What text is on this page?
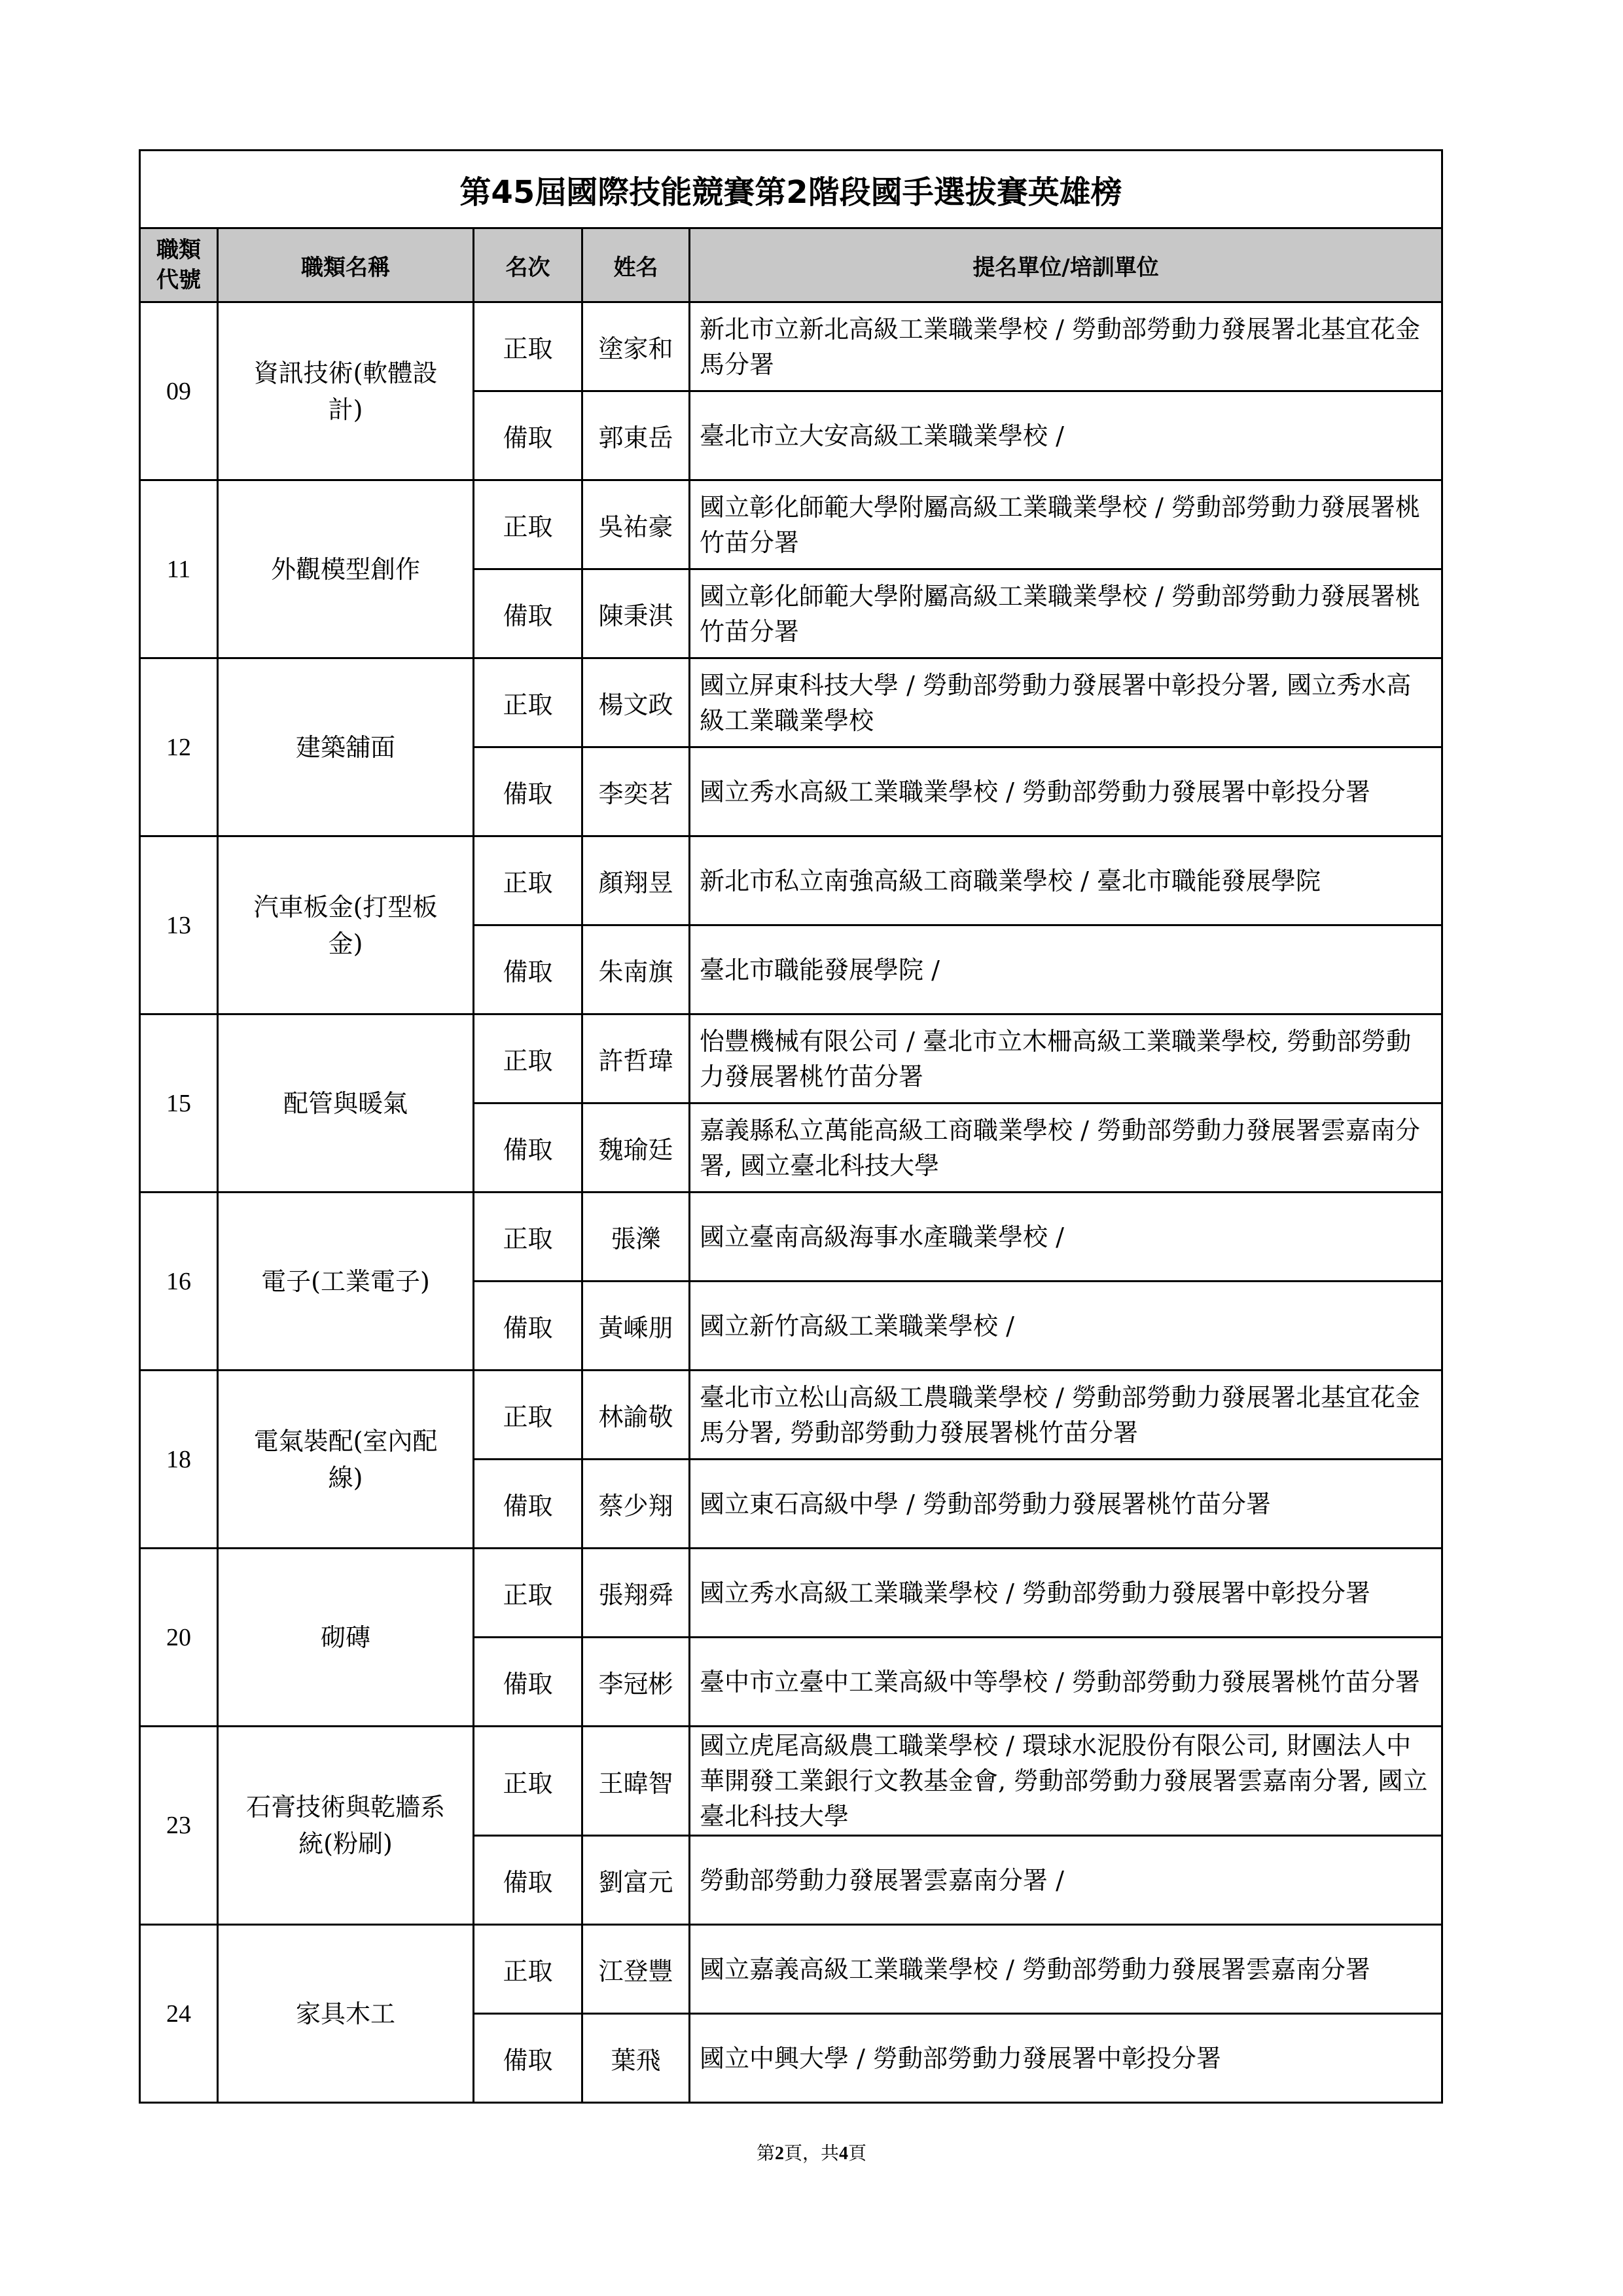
第45屆國際技能競賽第2階段國手選拔賽英雄榜				
職類代號	職類名稱	名次	姓名	提名單位/培訓單位
09	資訊技術(軟體設計)	正取	塗家和	新北市立新北高級工業職業學校 / 勞動部勞動力發展署北基宜花金馬分署
		備取	郭東岳	臺北市立大安高級工業職業學校 /
11	外觀模型創作	正取	吳祐豪	國立彰化師範大學附屬高級工業職業學校 / 勞動部勞動力發展署桃竹苗分署
		備取	陳秉淇	國立彰化師範大學附屬高級工業職業學校 / 勞動部勞動力發展署桃竹苗分署
12	建築舖面	正取	楊文政	國立屏東科技大學 / 勞動部勞動力發展署中彰投分署, 國立秀水高級工業職業學校
		備取	李奕茗	國立秀水高級工業職業學校 / 勞動部勞動力發展署中彰投分署
13	汽車板金(打型板金)	正取	顏翔昱	新北市私立南強高級工商職業學校 / 臺北市職能發展學院
		備取	朱南旗	臺北市職能發展學院 /
15	配管與暖氣	正取	許哲瑋	怡豐機械有限公司 / 臺北市立木柵高級工業職業學校, 勞動部勞動力發展署桃竹苗分署
		備取	魏瑜廷	嘉義縣私立萬能高級工商職業學校 / 勞動部勞動力發展署雲嘉南分署, 國立臺北科技大學
16	電子(工業電子)	正取	張濼	國立臺南高級海事水產職業學校 /
		備取	黃嵊朋	國立新竹高級工業職業學校 /
18	電氣裝配(室內配線)	正取	林諭敬	臺北市立松山高級工農職業學校 / 勞動部勞動力發展署北基宜花金馬分署, 勞動部勞動力發展署桃竹苗分署
		備取	蔡少翔	國立東石高級中學 / 勞動部勞動力發展署桃竹苗分署
20	砌磚	正取	張翔舜	國立秀水高級工業職業學校 / 勞動部勞動力發展署中彰投分署
		備取	李冠彬	臺中市立臺中工業高級中等學校 / 勞動部勞動力發展署桃竹苗分署
23	石膏技術與乾牆系統(粉刷)	正取	王暐智	國立虎尾高級農工職業學校 / 環球水泥股份有限公司, 財團法人中華開發工業銀行文教基金會, 勞動部勞動力發展署雲嘉南分署, 國立臺北科技大學
		備取	劉富元	勞動部勞動力發展署雲嘉南分署 /
24	家具木工	正取	江登豐	國立嘉義高級工業職業學校 / 勞動部勞動力發展署雲嘉南分署
		備取	葉飛	國立中興大學 / 勞動部勞動力發展署中彰投分署
第2頁，共4頁
